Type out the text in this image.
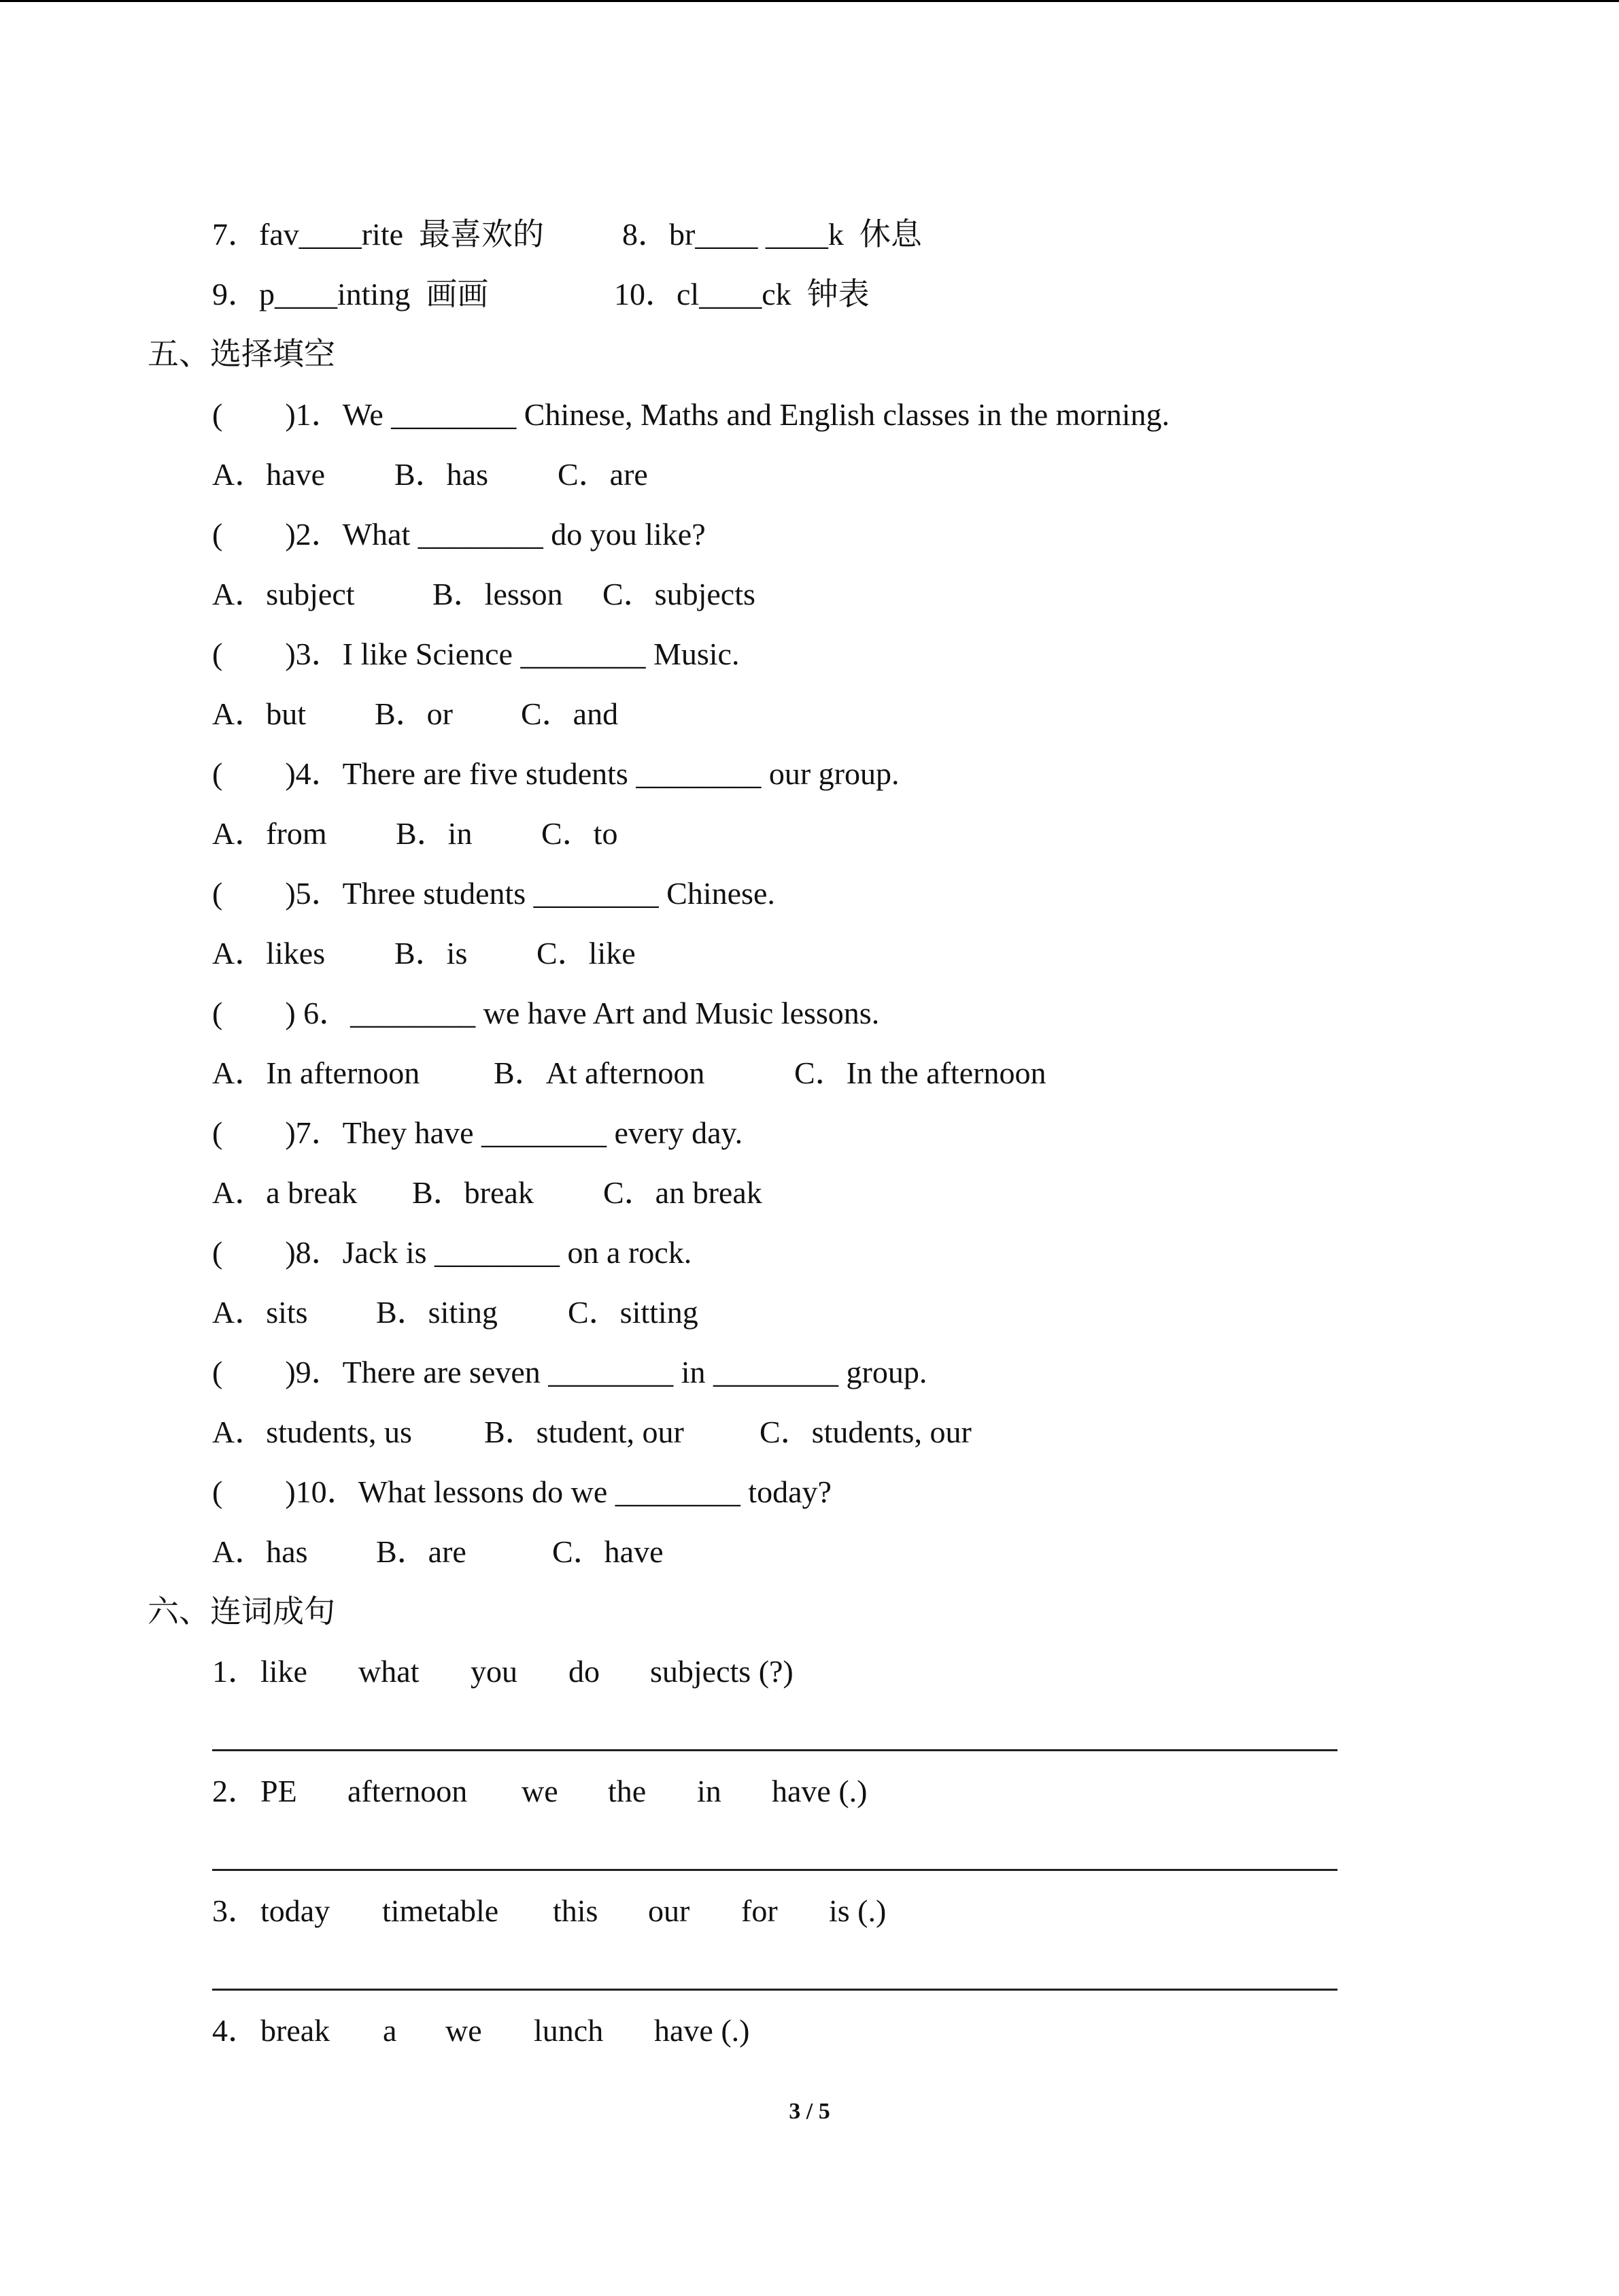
7．fav____rite  最喜欢的

8．br____ ____k  休息

9．p____inting  画画

	10．cl____ck  钟表

五、选择填空
(        )1．We ________ Chinese, Maths and English classes in the morning.

A．have

B．has

C．are

(        )2．What ________ do you like?

A．subject

B．lesson

C．subjects

(        )3．I like Science ________ Music.

A．but

B．or

C．and

(        )4．There are five students ________ our group.

A．from

B．in

C．to

(        )5．Three students ________ Chinese.

A．likes

B．is

C．like

(        ) 6．________ we have Art and Music lessons.

A．In afternoon

B．At afternoon

	C．In the afternoon

(        )7．They have ________ every day.

A．a break

B．break

C．an break

(        )8．Jack is ________ on a rock.

A．sits

B．siting

C．sitting

(        )9．There are seven ________ in ________ group.

A．students, us

B．student, our

C．students, our

(        )10．What lessons do we ________ today?

A．has

B．are

	C．have

六、连词成句

1．

like

what

you

do

subjects (?)

2．

PE

afternoon

we

the

in

have (.)

3．

today

timetable

this

our

for

is (.)

4．

break

a

we

lunch

have (.)

3 / 5
